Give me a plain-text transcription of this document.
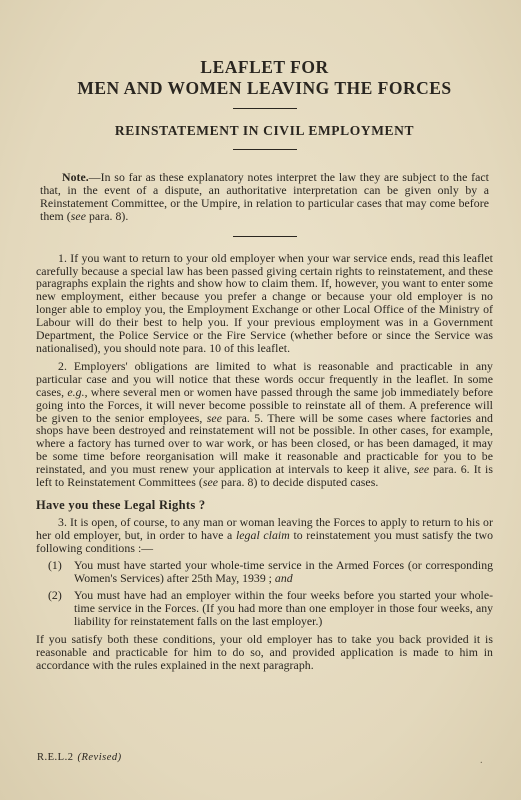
LEAFLET FOR
MEN AND WOMEN LEAVING THE FORCES
REINSTATEMENT IN CIVIL EMPLOYMENT

Note.—In so far as these explanatory notes interpret the law they are subject to the fact that, in the event of a dispute, an authoritative interpretation can be given only by a Reinstatement Committee, or the Umpire, in relation to particular cases that may come before them (see para. 8).

1. If you want to return to your old employer when your war service ends, read this leaflet carefully because a special law has been passed giving certain rights to reinstatement, and these paragraphs explain the rights and show how to claim them. If, however, you want to enter some new employment, either because you prefer a change or because your old employer is no longer able to employ you, the Employment Exchange or other Local Office of the Ministry of Labour will do their best to help you. If your previous employment was in a Government Department, the Police Service or the Fire Service (whether before or since the Service was nationalised), you should note para. 10 of this leaflet.

2. Employers' obligations are limited to what is reasonable and practicable in any particular case and you will notice that these words occur frequently in the leaflet. In some cases, e.g., where several men or women have passed through the same job immediately before going into the Forces, it will never become possible to reinstate all of them. A preference will be given to the senior employees, see para. 5. There will be some cases where factories and shops have been destroyed and reinstatement will not be possible. In other cases, for example, where a factory has turned over to war work, or has been closed, or has been damaged, it may be some time before reorganisation will make it reasonable and practicable for you to be reinstated, and you must renew your application at intervals to keep it alive, see para. 6. It is left to Reinstatement Committees (see para. 8) to decide disputed cases.

Have you these Legal Rights ?

3. It is open, of course, to any man or woman leaving the Forces to apply to return to his or her old employer, but, in order to have a legal claim to reinstatement you must satisfy the two following conditions :—

(1)	You must have started your whole-time service in the Armed Forces (or corresponding Women's Services) after 25th May, 1939 ; and
(2)	You must have had an employer within the four weeks before you started your whole-time service in the Forces. (If you had more than one employer in those four weeks, any liability for reinstatement falls on the last employer.)

If you satisfy both these conditions, your old employer has to take you back provided it is reasonable and practicable for him to do so, and provided application is made to him in accordance with the rules explained in the next paragraph.

R.E.L.2 (Revised)
·
